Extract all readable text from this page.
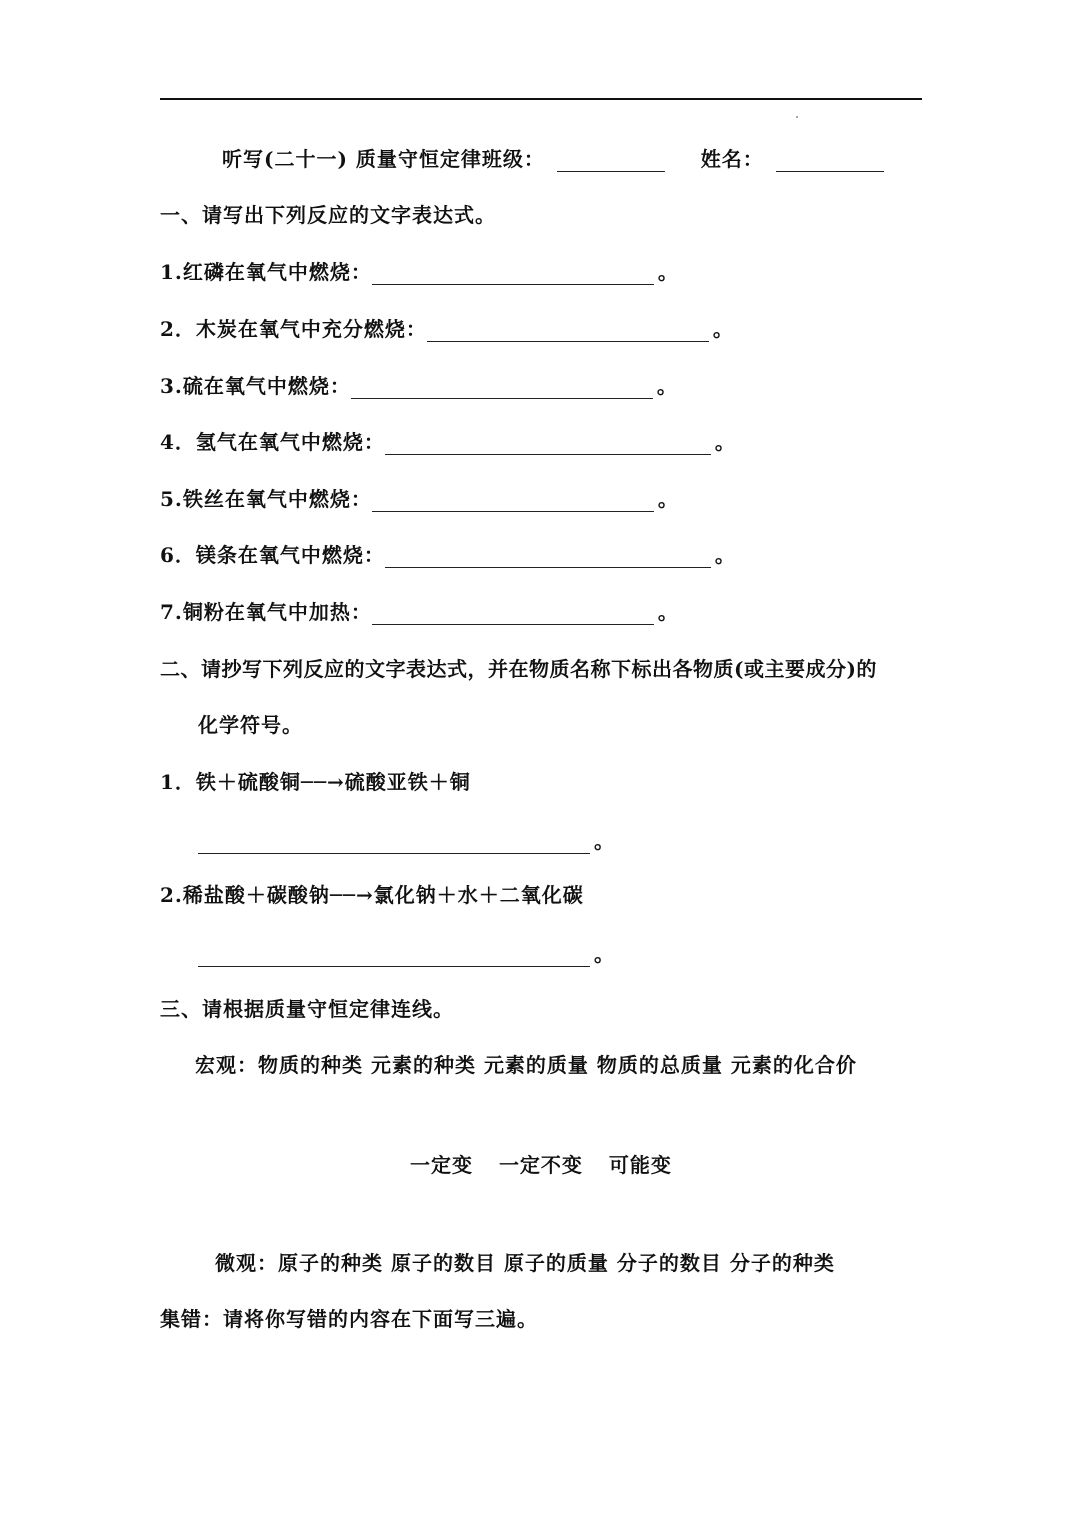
听写(二十一) 质量守恒定律班级：	姓名：
一、请写出下列反应的文字表达式。
1.红磷在氧气中燃烧：	。
2．木炭在氧气中充分燃烧：	。
3.硫在氧气中燃烧：	。
4．氢气在氧气中燃烧：	。
5.铁丝在氧气中燃烧：	。
6．镁条在氧气中燃烧：	。
7.铜粉在氧气中加热：	。
二、请抄写下列反应的文字表达式，并在物质名称下标出各物质(或主要成分)的
化学符号。
1．铁＋硫酸铜──→硫酸亚铁＋铜
。
2.稀盐酸＋碳酸钠──→氯化钠＋水＋二氧化碳
。
三、请根据质量守恒定律连线。
宏观：物质的种类 元素的种类 元素的质量 物质的总质量 元素的化合价
一定变 一定不变 可能变
微观：原子的种类 原子的数目 原子的质量 分子的数目 分子的种类
集错：请将你写错的内容在下面写三遍。
